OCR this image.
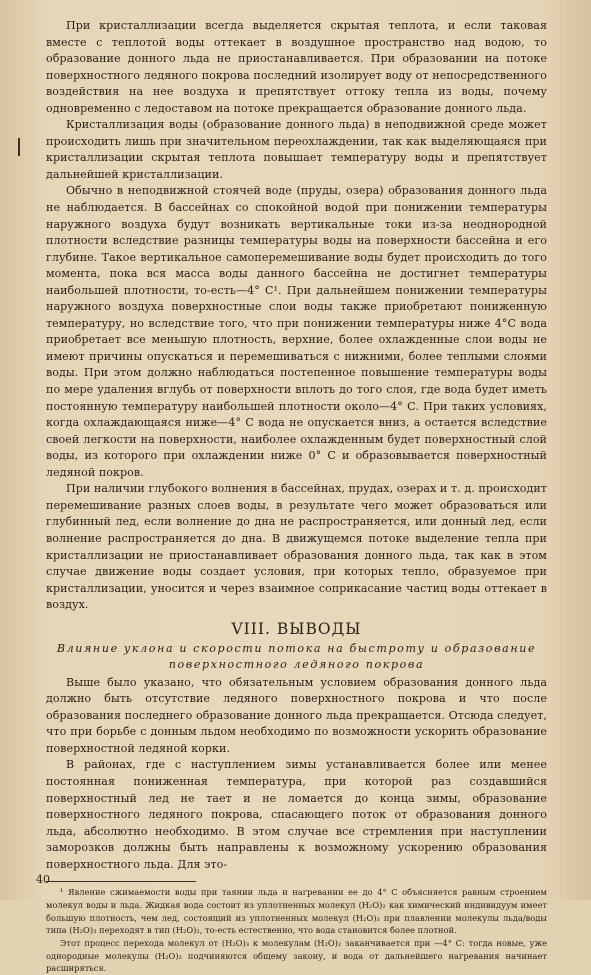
При кристаллизации всегда выделяется скрытая теплота, и если таковая вместе с теплотой воды оттекает в воздушное пространство над водою, то образование донного льда не приостанавливается. При образовании на потоке поверхностного ледяного покрова последний изолирует воду от непосредственного воздействия на нее воздуха и препятствует оттоку тепла из воды, почему одновременно с ледоставом на потоке прекращается образование донного льда.

Кристаллизация воды (образование донного льда) в неподвижной среде может происходить лишь при значительном переохлаждении, так как выделяющаяся при кристаллизации скрытая теплота повышает температуру воды и препятствует дальнейшей кристаллизации.

Обычно в неподвижной стоячей воде (пруды, озера) образования донного льда не наблюдается. В бассейнах со спокойной водой при понижении температуры наружного воздуха будут возникать вертикальные токи из-за неоднородной плотности вследствие разницы температуры воды на поверхности бассейна и его глубине. Такое вертикальное самоперемешивание воды будет происходить до того момента, пока вся масса воды данного бассейна не достигнет температуры наибольшей плотности, то-есть—4° C¹. При дальнейшем понижении температуры наружного воздуха поверхностные слои воды также приобретают пониженную температуру, но вследствие того, что при понижении температуры ниже 4°C вода приобретает все меньшую плотность, верхние, более охлажденные слои воды не имеют причины опускаться и перемешиваться с нижними, более теплыми слоями воды. При этом должно наблюдаться постепенное повышение температуры воды по мере удаления вглубь от поверхности вплоть до того слоя, где вода будет иметь постоянную температуру наибольшей плотности около—4° C. При таких условиях, когда охлаждающаяся ниже—4° C вода не опускается вниз, а остается вследствие своей легкости на поверхности, наиболее охлажденным будет поверхностный слой воды, из которого при охлаждении ниже 0° C и образовывается поверхностный ледяной покров.

При наличии глубокого волнения в бассейнах, прудах, озерах и т. д. происходит перемешивание разных слоев воды, в результате чего может образоваться или глубинный лед, если волнение до дна не распространяется, или донный лед, если волнение распространяется до дна. В движущемся потоке выделение тепла при кристаллизации не приостанавливает образования донного льда, так как в этом случае движение воды создает условия, при которых тепло, образуемое при кристаллизации, уносится и через взаимное соприкасание частиц воды оттекает в воздух.

VIII. ВЫВОДЫ

Влияние уклона и скорости потока на быстроту и образование поверхностного ледяного покрова

Выше было указано, что обязательным условием образования донного льда должно быть отсутствие ледяного поверхностного покрова и что после образования последнего образование донного льда прекращается. Отсюда следует, что при борьбе с донным льдом необходимо по возможности ускорить образование поверхностной ледяной корки.

В районах, где с наступлением зимы устанавливается более или менее постоянная пониженная температура, при которой раз создавшийся поверхностный лед не тает и не ломается до конца зимы, образование поверхностного ледяного покрова, спасающего поток от образования донного льда, абсолютно необходимо. В этом случае все стремления при наступлении заморозков должны быть направлены к возможному ускорению образования поверхностного льда. Для это-

¹ Явление сжимаемости воды при таянии льда и нагревании ее до 4° C объясняется равным строением молекул воды и льда. Жидкая вода состоит из уплотненных молекул (H₂O)₂ как химический индивидуум имеет большую плотность, чем лед, состоящий из уплотненных молекул (H₂O)₃ при плавлении молекулы льда/воды типа (H₂O)₃ переходят в тип (H₂O)₂, то-есть естественно, что вода становится более плотной.

Этот процесс перехода молекул от (H₂O)₃ к молекулам (H₂O)₂ заканчивается при —4° C: тогда новые, уже однородные молекулы (H₂O)₂ подчиняются общему закону, и вода от дальнейшего нагревания начинает расширяться.

40
